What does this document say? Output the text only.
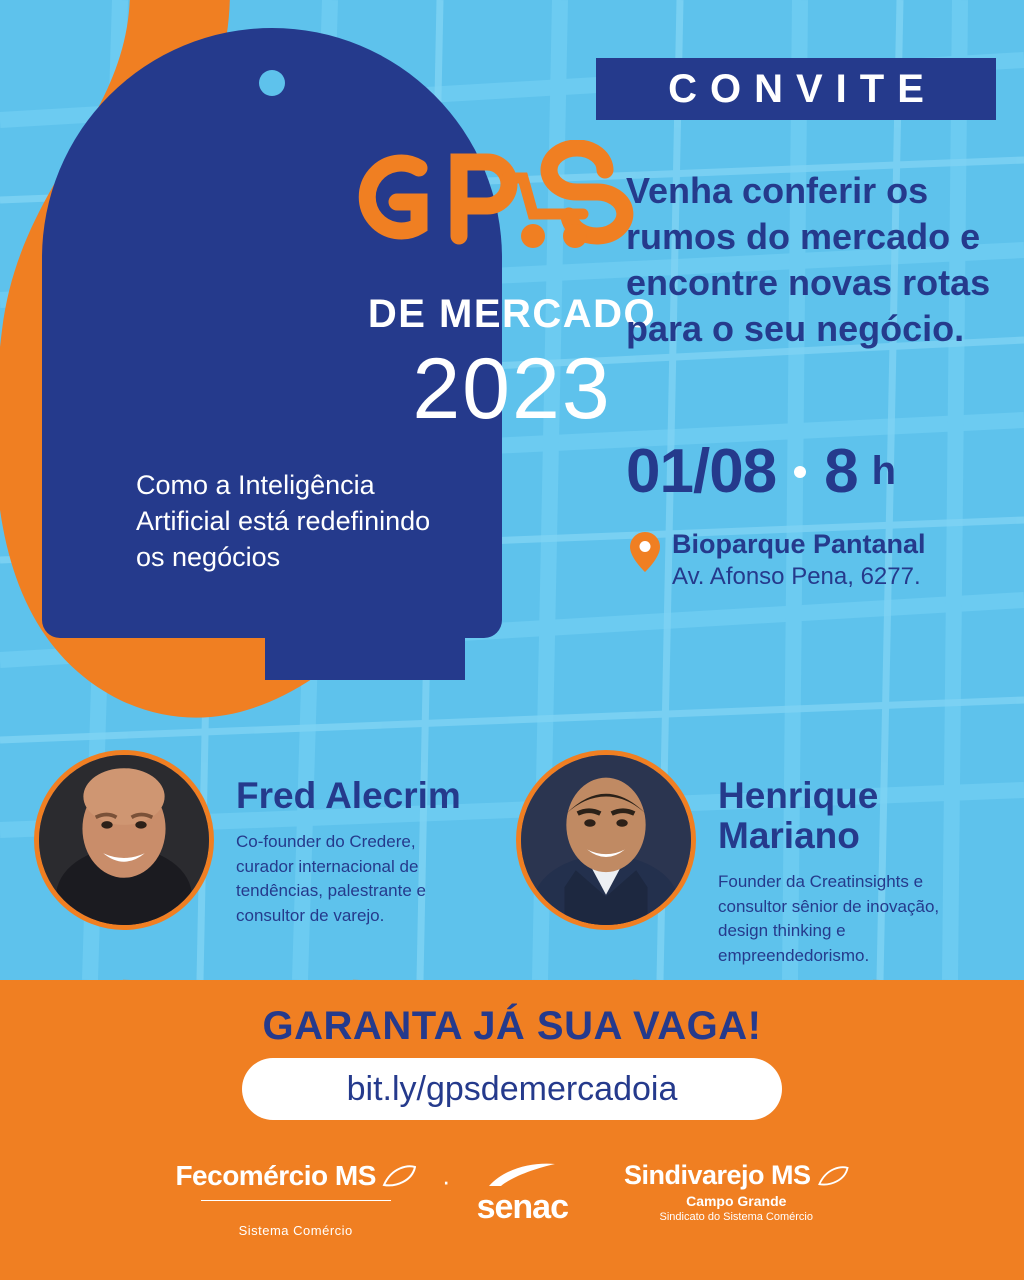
DE MERCADO
2023
Como a Inteligência Artificial está redefinindo os negócios
CONVITE
Venha conferir os rumos do mercado e encontre novas rotas para o seu negócio.
01/08 8 h
Bioparque Pantanal
Av. Afonso Pena, 6277.
Fred Alecrim
Co-founder do Credere, curador internacional de tendências, palestrante e consultor de varejo.
Henrique Mariano
Founder da Creatinsights e consultor sênior de inovação, design thinking e empreendedorismo.
GARANTA JÁ SUA VAGA!
bit.ly/gpsdemercadoia
Fecomércio MS
Sistema Comércio
·
senac
Sindivarejo MS
Campo Grande
Sindicato do Sistema Comércio
